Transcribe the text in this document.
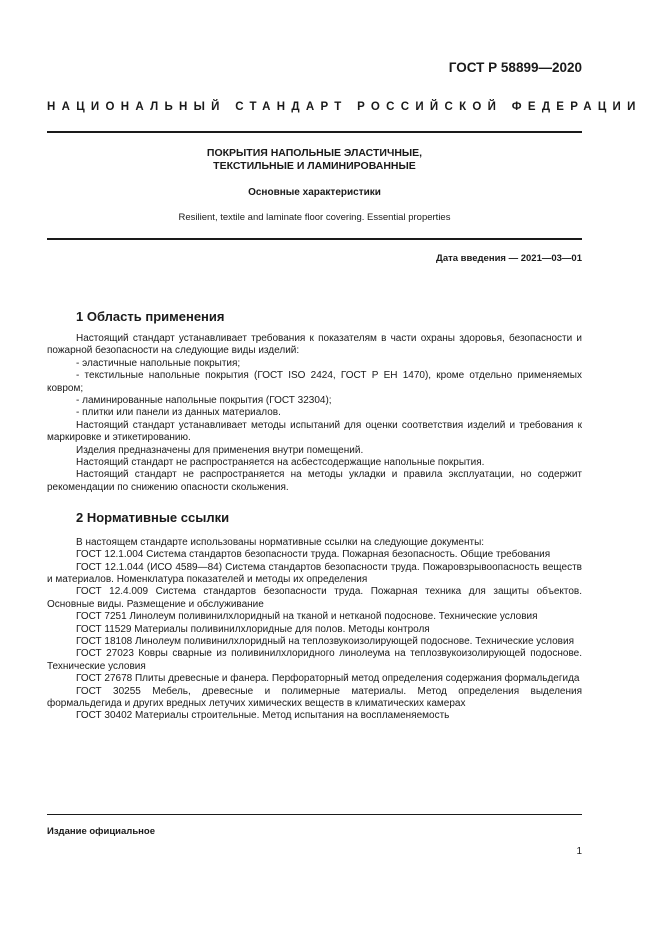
ГОСТ Р 58899—2020
НАЦИОНАЛЬНЫЙ СТАНДАРТ РОССИЙСКОЙ ФЕДЕРАЦИИ
ПОКРЫТИЯ НАПОЛЬНЫЕ ЭЛАСТИЧНЫЕ,
ТЕКСТИЛЬНЫЕ И ЛАМИНИРОВАННЫЕ
Основные характеристики
Resilient, textile and laminate floor covering. Essential properties
Дата введения — 2021—03—01
1 Область применения

Настоящий стандарт устанавливает требования к показателям в части охраны здоровья, безопасности и пожарной безопасности на следующие виды изделий:

- эластичные напольные покрытия;

- текстильные напольные покрытия (ГОСТ ISO 2424, ГОСТ Р ЕН 1470), кроме отдельно применяемых ковром;

- ламинированные напольные покрытия (ГОСТ 32304);

- плитки или панели из данных материалов.

Настоящий стандарт устанавливает методы испытаний для оценки соответствия изделий и требования к маркировке и этикетированию.

Изделия предназначены для применения внутри помещений.

Настоящий стандарт не распространяется на асбестсодержащие напольные покрытия.

Настоящий стандарт не распространяется на методы укладки и правила эксплуатации, но содержит рекомендации по снижению опасности скольжения.

2 Нормативные ссылки

В настоящем стандарте использованы нормативные ссылки на следующие документы:

ГОСТ 12.1.004 Система стандартов безопасности труда. Пожарная безопасность. Общие требования

ГОСТ 12.1.044 (ИСО 4589—84) Система стандартов безопасности труда. Пожаровзрывоопасность веществ и материалов. Номенклатура показателей и методы их определения

ГОСТ 12.4.009 Система стандартов безопасности труда. Пожарная техника для защиты объектов. Основные виды. Размещение и обслуживание

ГОСТ 7251 Линолеум поливинилхлоридный на тканой и нетканой подоснове. Технические условия

ГОСТ 11529 Материалы поливинилхлоридные для полов. Методы контроля

ГОСТ 18108 Линолеум поливинилхлоридный на теплозвукоизолирующей подоснове. Технические условия

ГОСТ 27023 Ковры сварные из поливинилхлоридного линолеума на теплозвукоизолирующей подоснове. Технические условия

ГОСТ 27678 Плиты древесные и фанера. Перфораторный метод определения содержания формальдегида

ГОСТ 30255 Мебель, древесные и полимерные материалы. Метод определения выделения формальдегида и других вредных летучих химических веществ в климатических камерах

ГОСТ 30402 Материалы строительные. Метод испытания на воспламеняемость

Издание официальное
1
